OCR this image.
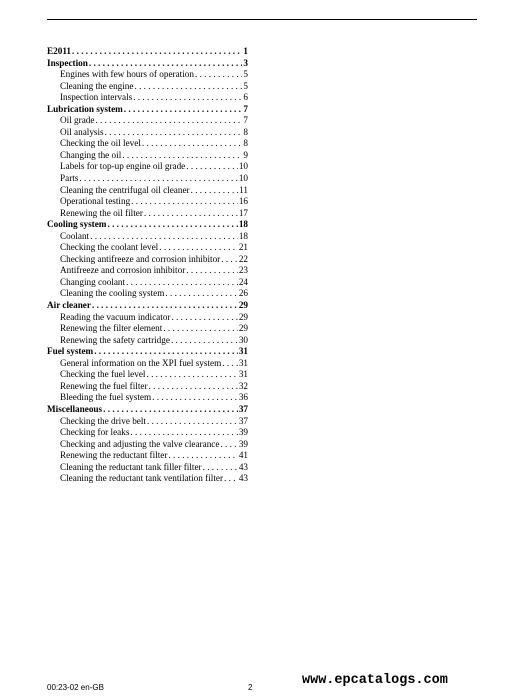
E2011 . . .	1
Inspection . . .	3
Engines with few hours of operation . . .	5
Cleaning the engine . . .	5
Inspection intervals . . .	6
Lubrication system . . .	7
Oil grade . . .	7
Oil analysis . . .	8
Checking the oil level . . .	8
Changing the oil . . .	9
Labels for top-up engine oil grade . . .	10
Parts . . .	10
Cleaning the centrifugal oil cleaner . . .	11
Operational testing . . .	16
Renewing the oil filter . . .	17
Cooling system . . .	18
Coolant . . .	18
Checking the coolant level . . .	21
Checking antifreeze and corrosion inhibitor . . . 22
Antifreeze and corrosion inhibitor . . .	23
Changing coolant . . .	24
Cleaning the cooling system . . .	26
Air cleaner . . .	29
Reading the vacuum indicator . . .	29
Renewing the filter element . . .	29
Renewing the safety cartridge . . .	30
Fuel system . . .	31
General information on the XPI fuel system . . . 31
Checking the fuel level . . .	31
Renewing the fuel filter . . .	32
Bleeding the fuel system . . .	36
Miscellaneous . . .	37
Checking the drive belt . . .	37
Checking for leaks . . .	39
Checking and adjusting the valve clearance . . . 39
Renewing the reductant filter . . .	41
Cleaning the reductant tank filler filter . . .	43
Cleaning the reductant tank ventilation filter . . . 43
00:23-02 en-GB	2	www.epcatalogs.com
